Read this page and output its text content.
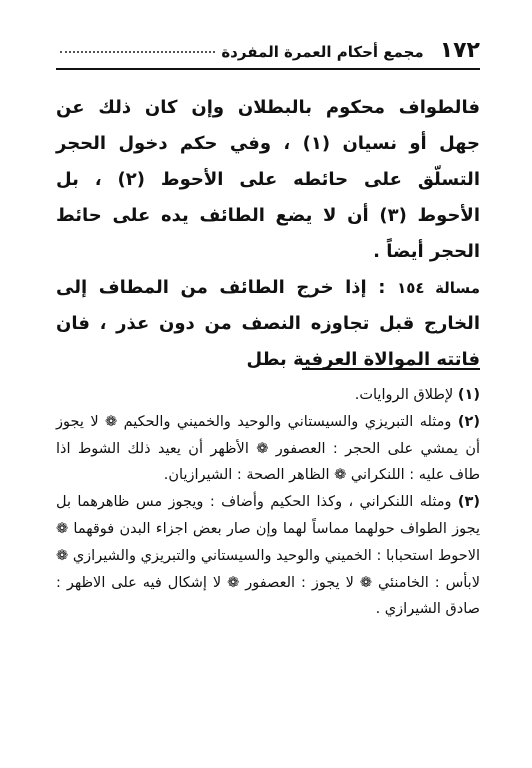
١٧٢
مجمع أحكام العمرة المفردة

فالطواف محكوم بالبطلان وإن كان ذلك عن جهل أو نسيان (١) ، وفي حكم دخول الحجر التسلّق على حائطه على الأحوط (٢) ، بل الأحوط (٣) أن لا يضع الطائف يده على حائط الحجر أيضاً .

مسالة ١٥٤ : إذا خرج الطائف من المطاف إلى الخارج قبل تجاوزه النصف من دون عذر ، فان فاتته الموالاة العرفية بطل

(١) لإطلاق الروايات.

(٢) ومثله التبريزي والسيستاني والوحيد والخميني والحكيم ❁ لا يجوز أن يمشي على الحجر : العصفور ❁ الأظهر أن يعيد ذلك الشوط اذا طاف عليه : اللنكراني ❁ الظاهر الصحة : الشيرازيان.

(٣) ومثله اللنكراني ، وكذا الحكيم وأضاف : ويجوز مس ظاهرهما بل يجوز الطواف حولهما مماساً لهما وإن صار بعض اجزاء البدن فوقهما ❁ الاحوط استحبابا : الخميني والوحيد والسيستاني والتبريزي والشيرازي ❁ لابأس : الخامنئي ❁ لا يجوز : العصفور ❁ لا إشكال فيه على الاظهر : صادق الشيرازي .
